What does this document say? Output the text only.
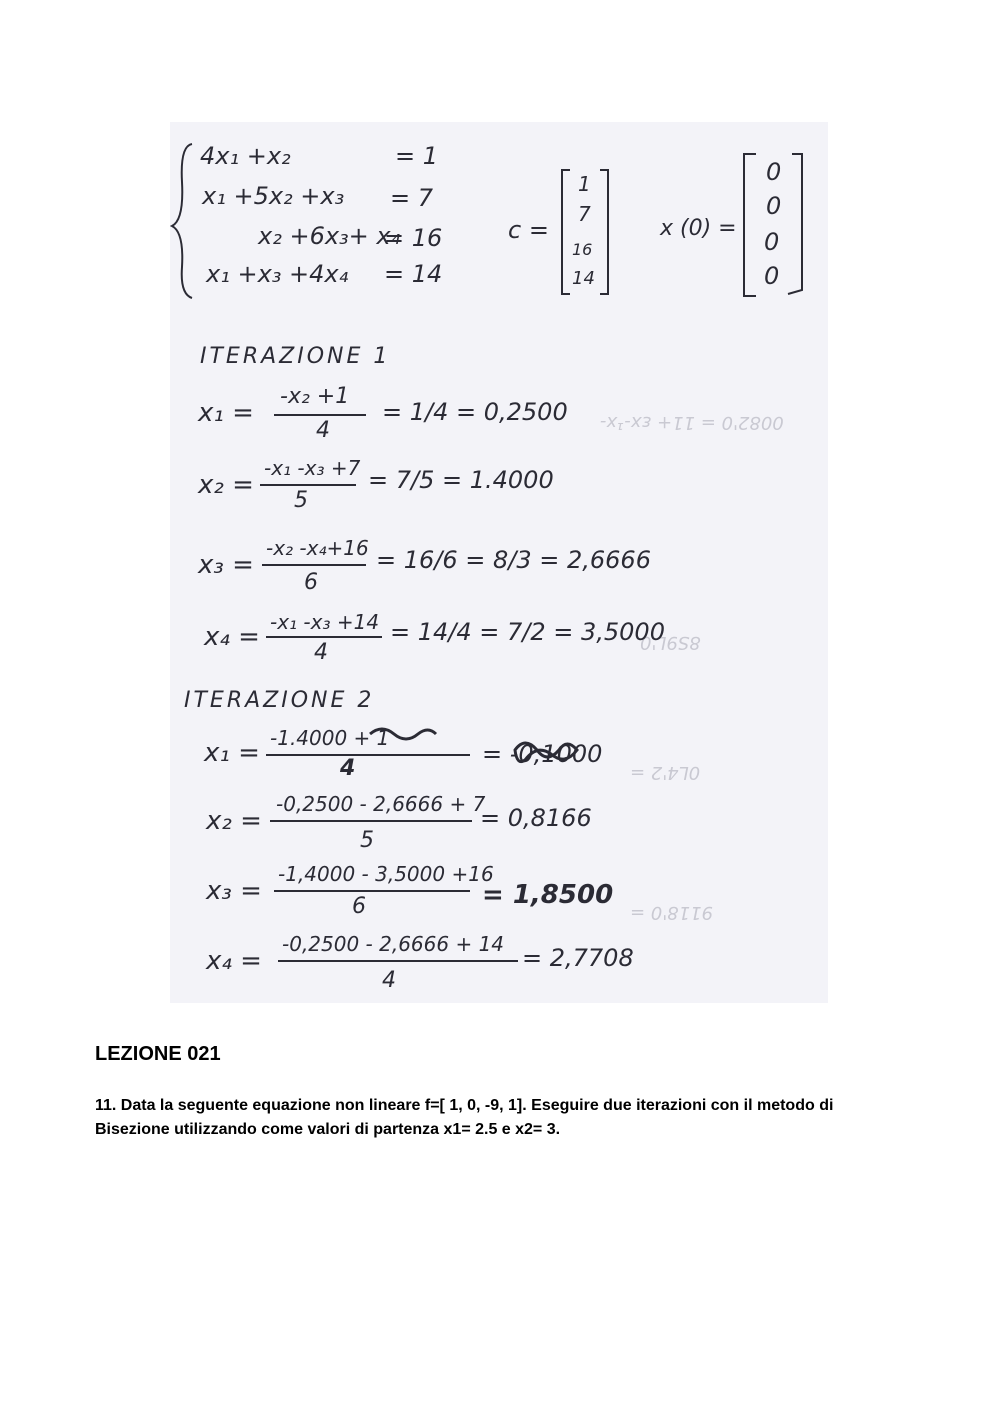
0082'0 = 11+ ɛx-¹x-
8S9L'0
0L4'2 =
9118'0 =
4x₁ +x₂	= 1
x₁ +5x₂ +x₃ = 7
x₂ +6x₃+ x₄
= 16
x₁ +x₃ +4x₄ = 14
c =
1
7
16
14
x (0) =
0
0
0
0
ITERAZIONE 1
x₁ =
-x₂ +1
4
= 1/4 = 0,2500
x₂ =
-x₁ -x₃ +7
5
= 7/5 = 1.4000
x₃ =
-x₂ -x₄+16
6
= 16/6 = 8/3 = 2,6666
x₄ = -x₁ -x₃ +14
4
= 14/4 = 7/2 = 3,5000
ITERAZIONE 2
x₁ = -1.4000 + 1
4
= -0,1000
x₂ =
-0,2500 - 2,6666 + 7
5
= 0,8166
x₃ =
-1,4000 - 3,5000 +16
6	= 1,8500
x₄ =
-0,2500 - 2,6666 + 14
4
= 2,7708
LEZIONE 021
11. Data la seguente equazione non lineare f=[ 1, 0, -9, 1]. Eseguire due iterazioni con il metodo di Bisezione utilizzando come valori di partenza x1= 2.5 e x2= 3.
